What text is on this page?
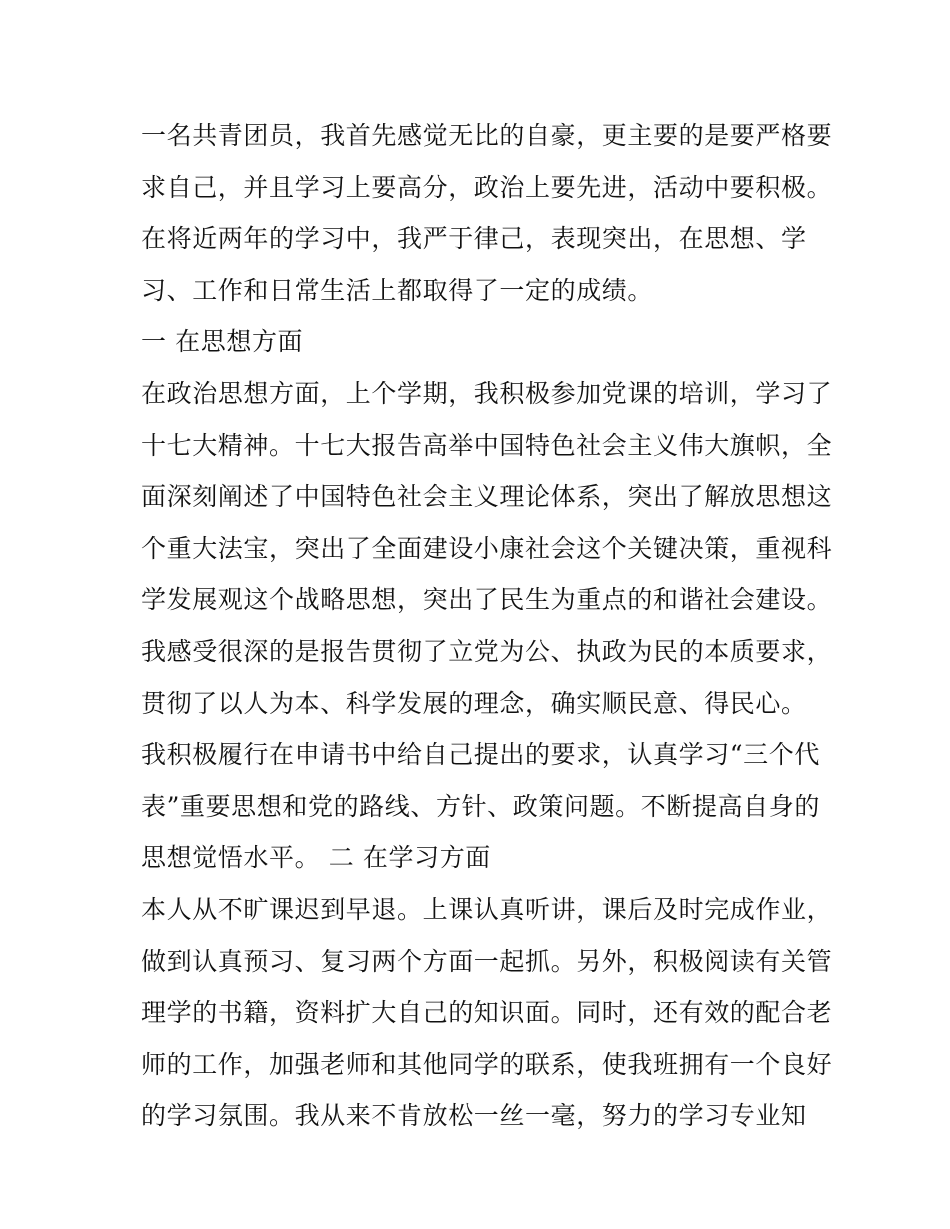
一名共青团员，我首先感觉无比的自豪，更主要的是要严格要
求自己，并且学习上要高分，政治上要先进，活动中要积极。
在将近两年的学习中，我严于律己，表现突出，在思想、学
习、工作和日常生活上都取得了一定的成绩。
一 在思想方面
在政治思想方面，上个学期，我积极参加党课的培训，学习了
十七大精神。十七大报告高举中国特色社会主义伟大旗帜，全
面深刻阐述了中国特色社会主义理论体系，突出了解放思想这
个重大法宝，突出了全面建设小康社会这个关键决策，重视科
学发展观这个战略思想，突出了民生为重点的和谐社会建设。
我感受很深的是报告贯彻了立党为公、执政为民的本质要求，
贯彻了以人为本、科学发展的理念，确实顺民意、得民心。
我积极履行在申请书中给自己提出的要求，认真学习“三个代
表”重要思想和党的路线、方针、政策问题。不断提高自身的
思想觉悟水平。 二 在学习方面
本人从不旷课迟到早退。上课认真听讲，课后及时完成作业，
做到认真预习、复习两个方面一起抓。另外，积极阅读有关管
理学的书籍，资料扩大自己的知识面。同时，还有效的配合老
师的工作，加强老师和其他同学的联系，使我班拥有一个良好
的学习氛围。我从来不肯放松一丝一毫，努力的学习专业知
